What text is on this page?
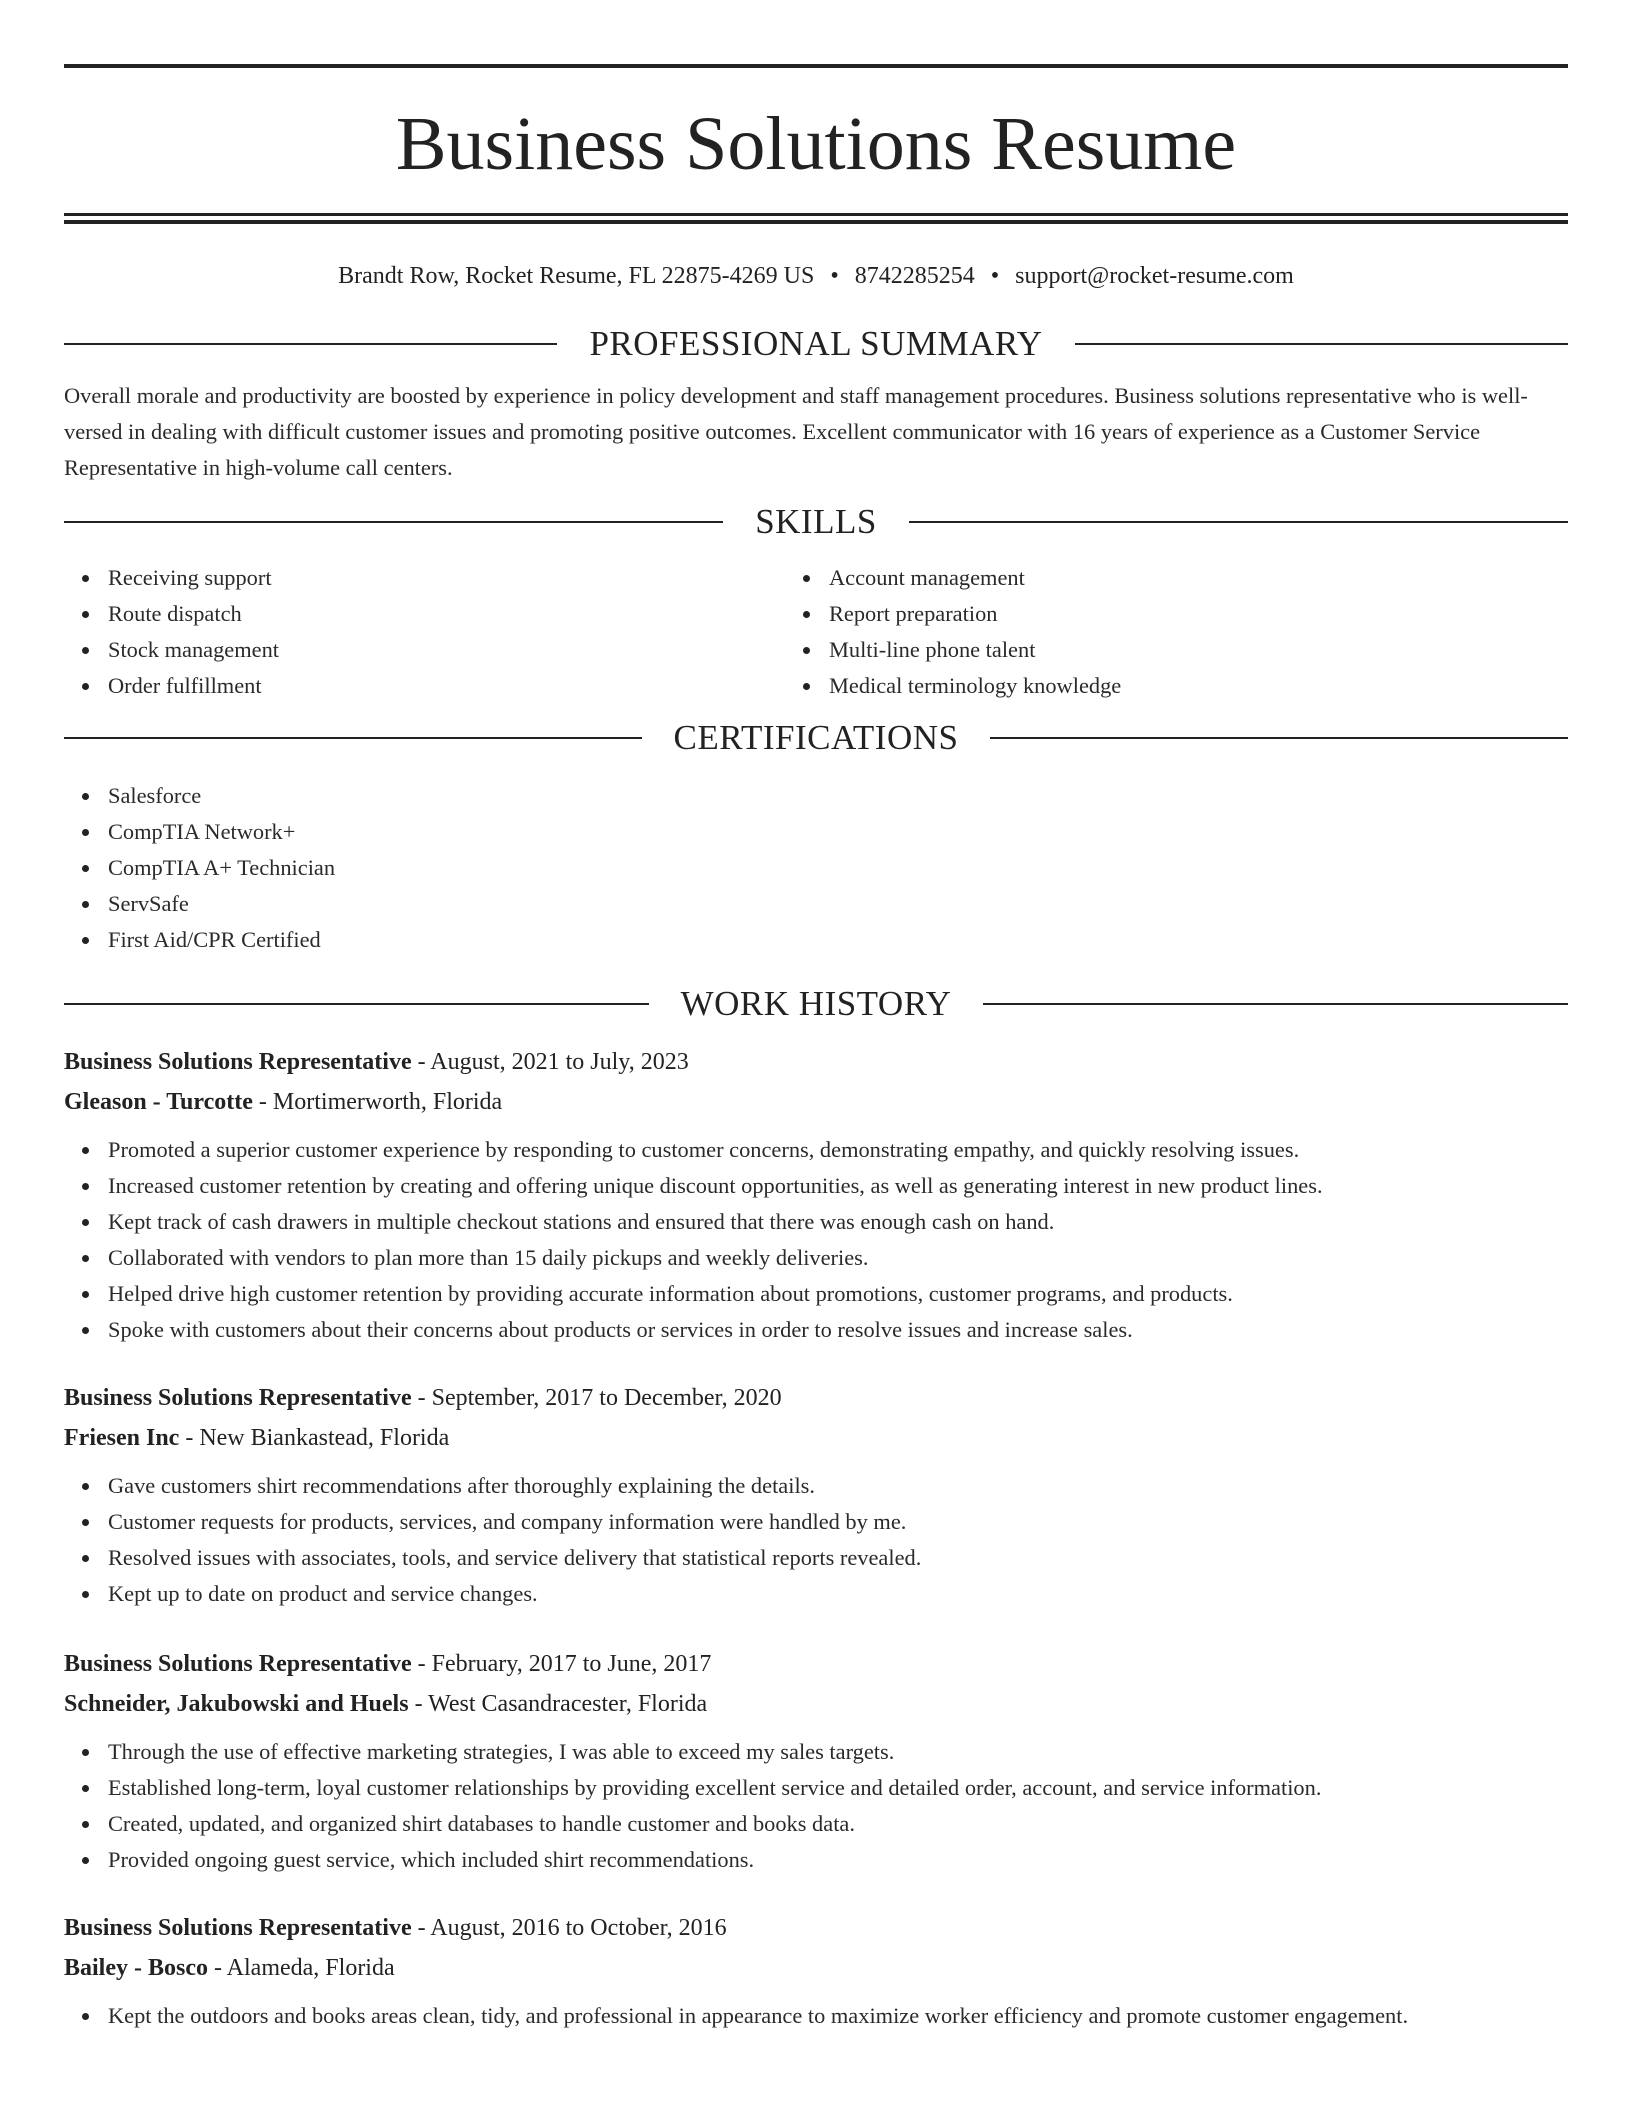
Business Solutions Resume
Brandt Row, Rocket Resume, FL 22875-4269 US • 8742285254 • support@rocket-resume.com
PROFESSIONAL SUMMARY

Overall morale and productivity are boosted by experience in policy development and staff management procedures. Business solutions representative who is well-versed in dealing with difficult customer issues and promoting positive outcomes. Excellent communicator with 16 years of experience as a Customer Service Representative in high-volume call centers.

SKILLS
Receiving support
Route dispatch
Stock management
Order fulfillment
Account management
Report preparation
Multi-line phone talent
Medical terminology knowledge
CERTIFICATIONS
Salesforce
CompTIA Network+
CompTIA A+ Technician
ServSafe
First Aid/CPR Certified
WORK HISTORY
Business Solutions Representative - August, 2021 to July, 2023
Gleason - Turcotte - Mortimerworth, Florida
Promoted a superior customer experience by responding to customer concerns, demonstrating empathy, and quickly resolving issues.
Increased customer retention by creating and offering unique discount opportunities, as well as generating interest in new product lines.
Kept track of cash drawers in multiple checkout stations and ensured that there was enough cash on hand.
Collaborated with vendors to plan more than 15 daily pickups and weekly deliveries.
Helped drive high customer retention by providing accurate information about promotions, customer programs, and products.
Spoke with customers about their concerns about products or services in order to resolve issues and increase sales.
Business Solutions Representative - September, 2017 to December, 2020
Friesen Inc - New Biankastead, Florida
Gave customers shirt recommendations after thoroughly explaining the details.
Customer requests for products, services, and company information were handled by me.
Resolved issues with associates, tools, and service delivery that statistical reports revealed.
Kept up to date on product and service changes.
Business Solutions Representative - February, 2017 to June, 2017
Schneider, Jakubowski and Huels - West Casandracester, Florida
Through the use of effective marketing strategies, I was able to exceed my sales targets.
Established long-term, loyal customer relationships by providing excellent service and detailed order, account, and service information.
Created, updated, and organized shirt databases to handle customer and books data.
Provided ongoing guest service, which included shirt recommendations.
Business Solutions Representative - August, 2016 to October, 2016
Bailey - Bosco - Alameda, Florida
Kept the outdoors and books areas clean, tidy, and professional in appearance to maximize worker efficiency and promote customer engagement.
